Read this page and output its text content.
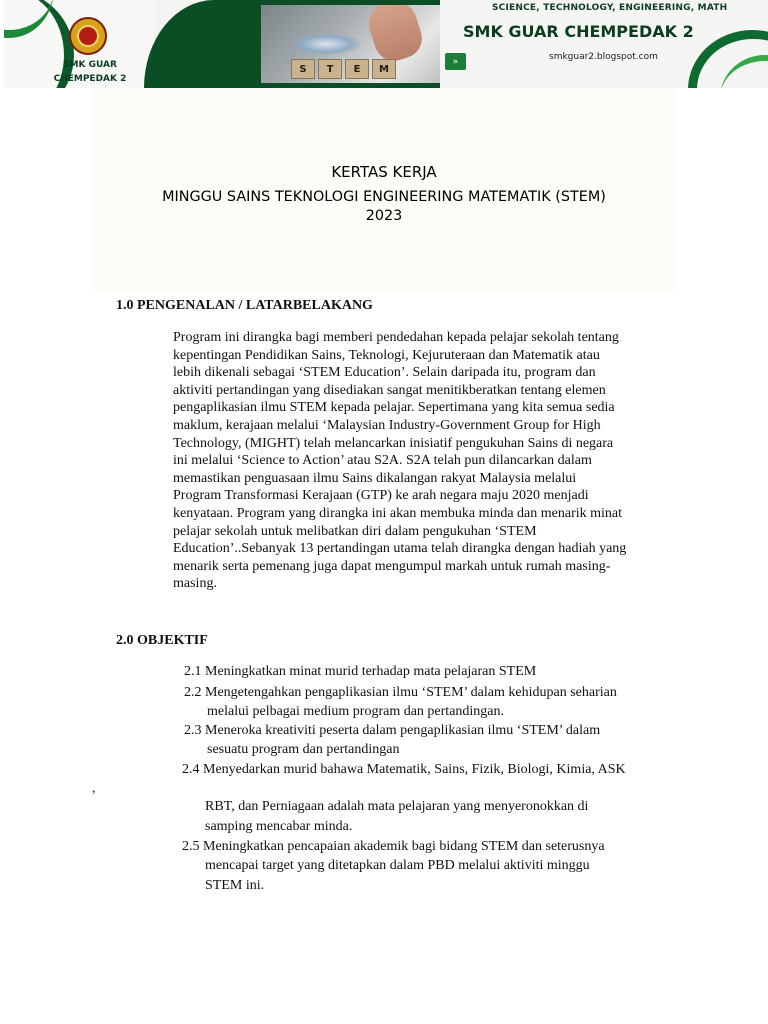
SMK GUAR
CHEMPEDAK 2
S	T	E	M
SCIENCE, TECHNOLOGY, ENGINEERING, MATH
SMK GUAR CHEMPEDAK 2
»	smkguar2.blogspot.com
KERTAS KERJA
MINGGU SAINS TEKNOLOGI ENGINEERING MATEMATIK (STEM)
2023
1.0 PENGENALAN / LATARBELAKANG
Program ini dirangka bagi memberi pendedahan kepada pelajar sekolah tentang
kepentingan Pendidikan Sains, Teknologi, Kejuruteraan dan Matematik atau
lebih dikenali sebagai ‘STEM Education’. Selain daripada itu, program dan
aktiviti pertandingan yang disediakan sangat menitikberatkan tentang elemen
pengaplikasian ilmu STEM kepada pelajar. Sepertimana yang kita semua sedia
maklum, kerajaan melalui ‘Malaysian Industry-Government Group for High
Technology, (MIGHT) telah melancarkan inisiatif pengukuhan Sains di negara
ini melalui ‘Science to Action’ atau S2A. S2A telah pun dilancarkan dalam
memastikan penguasaan ilmu Sains dikalangan rakyat Malaysia melalui
Program Transformasi Kerajaan (GTP) ke arah negara maju 2020 menjadi
kenyataan. Program yang dirangka ini akan membuka minda dan menarik minat
pelajar sekolah untuk melibatkan diri dalam pengukuhan ‘STEM
Education’..Sebanyak 13 pertandingan utama telah dirangka dengan hadiah yang
menarik serta pemenang juga dapat mengumpul markah untuk rumah masing-
masing.
2.0 OBJEKTIF
2.1 Meningkatkan minat murid terhadap mata pelajaran STEM
2.2 Mengetengahkan pengaplikasian ilmu ‘STEM’ dalam kehidupan seharian
melalui pelbagai medium program dan pertandingan.
2.3 Meneroka kreativiti peserta dalam pengaplikasian ilmu ‘STEM’ dalam
sesuatu program dan pertandingan
2.4 Menyedarkan murid bahawa Matematik, Sains, Fizik, Biologi, Kimia, ASK
,
RBT, dan Perniagaan adalah mata pelajaran yang menyeronokkan di
samping mencabar minda.
2.5 Meningkatkan pencapaian akademik bagi bidang STEM dan seterusnya
mencapai target yang ditetapkan dalam PBD melalui aktiviti minggu
STEM ini.
